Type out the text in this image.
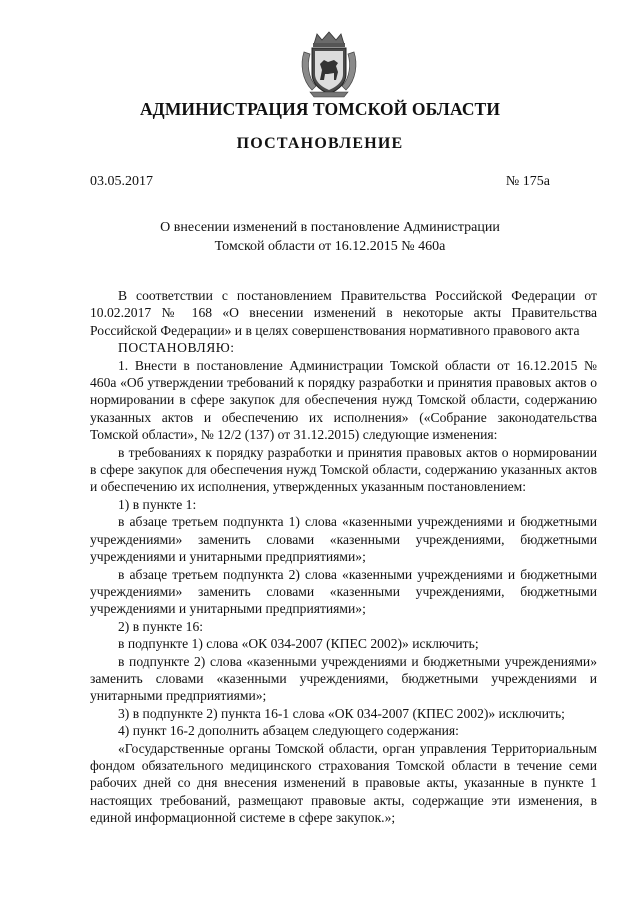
АДМИНИСТРАЦИЯ ТОМСКОЙ ОБЛАСТИ
ПОСТАНОВЛЕНИЕ
03.05.2017	№ 175а
О внесении изменений в постановление Администрации
Томской области от 16.12.2015 № 460а

В соответствии с постановлением Правительства Российской Федерации от 10.02.2017 № 168 «О внесении изменений в некоторые акты Правительства Российской Федерации» и в целях совершенствования нормативного правового акта

ПОСТАНОВЛЯЮ:

1. Внести в постановление Администрации Томской области от 16.12.2015 № 460а «Об утверждении требований к порядку разработки и принятия правовых актов о нормировании в сфере закупок для обеспечения нужд Томской области, содержанию указанных актов и обеспечению их исполнения» («Собрание законодательства Томской области», № 12/2 (137) от 31.12.2015) следующие изменения:

в требованиях к порядку разработки и принятия правовых актов о нормировании в сфере закупок для обеспечения нужд Томской области, содержанию указанных актов и обеспечению их исполнения, утвержденных указанным постановлением:

1) в пункте 1:

в абзаце третьем подпункта 1) слова «казенными учреждениями и бюджетными учреждениями» заменить словами «казенными учреждениями, бюджетными учреждениями и унитарными предприятиями»;

в абзаце третьем подпункта 2) слова «казенными учреждениями и бюджетными учреждениями» заменить словами «казенными учреждениями, бюджетными учреждениями и унитарными предприятиями»;

2) в пункте 16:

в подпункте 1) слова «ОК 034-2007 (КПЕС 2002)» исключить;

в подпункте 2) слова «казенными учреждениями и бюджетными учреждениями» заменить словами «казенными учреждениями, бюджетными учреждениями и унитарными предприятиями»;

3) в подпункте 2) пункта 16-1 слова «ОК 034-2007 (КПЕС 2002)» исключить;

4) пункт 16-2 дополнить абзацем следующего содержания:

«Государственные органы Томской области, орган управления Территориальным фондом обязательного медицинского страхования Томской области в течение семи рабочих дней со дня внесения изменений в правовые акты, указанные в пункте 1 настоящих требований, размещают правовые акты, содержащие эти изменения, в единой информационной системе в сфере закупок.»;
